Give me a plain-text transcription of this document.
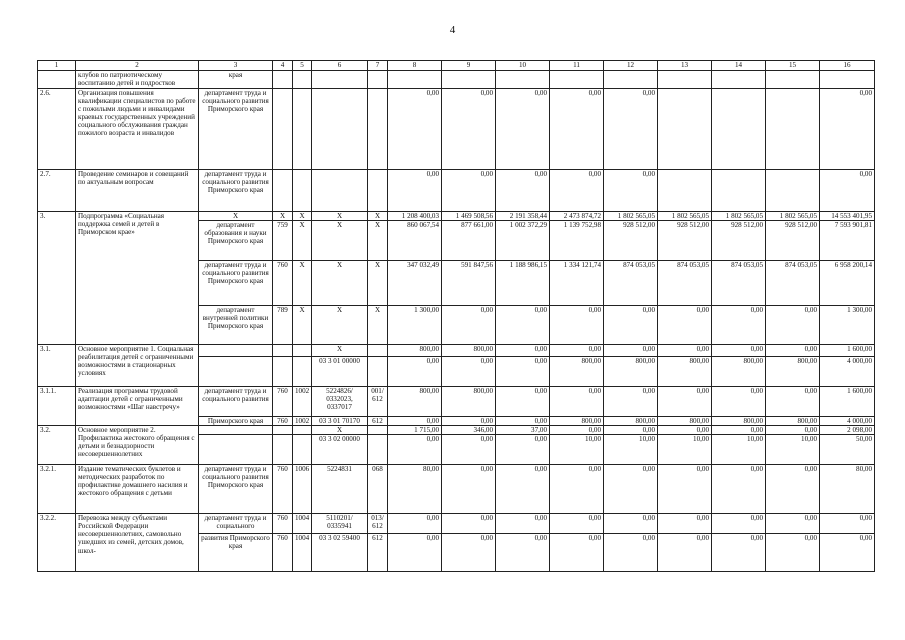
4
1	2	3	4	5	6	7	8	9	10	11	12	13	14	15	16
	клубов по патриотическому воспитанию детей и подростков	края													
2.6.	Организация повышения квалификации специалистов по работе с пожилыми людьми и инвалидами краевых государственных учреждений социального обслуживания граждан пожилого возраста и инвалидов	департамент труда и социального развития Приморского края					0,00	0,00	0,00	0,00	0,00				0,00
2.7.	Проведение семинаров и совещаний по актуальным вопросам	департамент труда и социального развития Приморского края					0,00	0,00	0,00	0,00	0,00				0,00
3.	Подпрограмма «Социальная поддержка семей и детей в Приморском крае»	X	X	X	X	X	1 208 400,03	1 469 508,56	2 191 358,44	2 473 874,72	1 802 565,05	1 802 565,05	1 802 565,05	1 802 565,05	14 553 401,95
		департамент образования и науки Приморского края	759	X	X	X	860 067,54	877 661,00	1 002 372,29	1 139 752,98	928 512,00	928 512,00	928 512,00	928 512,00	7 593 901,81
		департамент труда и социального развития Приморского края	760	X	X	X	347 032,49	591 847,56	1 188 986,15	1 334 121,74	874 053,05	874 053,05	874 053,05	874 053,05	6 958 200,14
		департамент внутренней политики Приморского края	789	X	X	X	1 300,00	0,00	0,00	0,00	0,00	0,00	0,00	0,00	1 300,00
3.1.	Основное мероприятие 1. Социальная реабилитация детей с ограниченными возможностями в стационарных условиях				X		800,00	800,00	0,00	0,00	0,00	0,00	0,00	0,00	1 600,00
					03 3 01 00000		0,00	0,00	0,00	800,00	800,00	800,00	800,00	800,00	4 000,00
3.1.1.	Реализация программы трудовой адаптации детей с ограниченными возможностями «Шаг навстречу»	департамент труда и социального развития	760	1002	5224826/ 0332023, 0337017	001/ 612	800,00	800,00	0,00	0,00	0,00	0,00	0,00	0,00	1 600,00
		Приморского края	760	1002	03 3 01 70170	612	0,00	0,00	0,00	800,00	800,00	800,00	800,00	800,00	4 000,00
3.2.	Основное мероприятие 2. Профилактика жестокого обращения с детьми и безнадзорности несовершеннолетних				X		1 715,00	346,00	37,00	0,00	0,00	0,00	0,00	0,00	2 098,00
					03 3 02 00000		0,00	0,00	0,00	10,00	10,00	10,00	10,00	10,00	50,00
3.2.1.	Издание тематических буклетов и методических разработок по профилактике домашнего насилия и жестокого обращения с детьми	департамент труда и социального развития Приморского края	760	1006	5224831	068	80,00	0,00	0,00	0,00	0,00	0,00	0,00	0,00	80,00
3.2.2.	Перевозка между субъектами Российской Федерации несовершеннолетних, самовольно ушедших из семей, детских домов, школ-	департамент труда и социального	760	1004	5110201/ 0335941	013/ 612	0,00	0,00	0,00	0,00	0,00	0,00	0,00	0,00	0,00
		развития Приморского края	760	1004	03 3 02 59400	612	0,00	0,00	0,00	0,00	0,00	0,00	0,00	0,00	0,00
